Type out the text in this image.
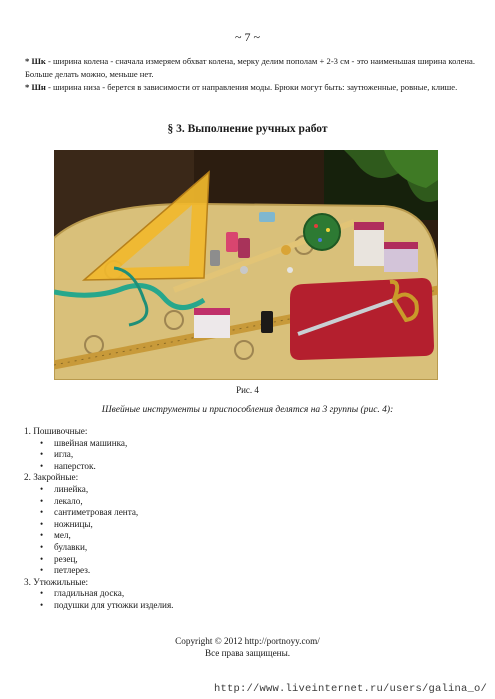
~ 7 ~

* Шк - ширина колена - сначала измеряем обхват колена, мерку делим пополам + 2-3 см - это наименьшая ширина колена. Больше делать можно, меньше нет.

* Шн - ширина низа - берется в зависимости от направления моды. Брюки могут быть: заутюженные, ровные, клише.

§ 3. Выполнение ручных работ
Рис. 4
Швейные инструменты и приспособления делятся на 3 группы (рис. 4):

1. Пошивочные:

• швейная машинка,
• игла,
• наперсток.

2. Закройные:

• линейка,
• лекало,
• сантиметровая лента,
• ножницы,
• мел,
• булавки,
• резец,
• петлерез.

3. Утюжильные:

• гладильная доска,
• подушки для утюжки изделия.
Copyright © 2012 http://portnoyy.com/
Все права защищены.
http://www.liveinternet.ru/users/galina_o/
